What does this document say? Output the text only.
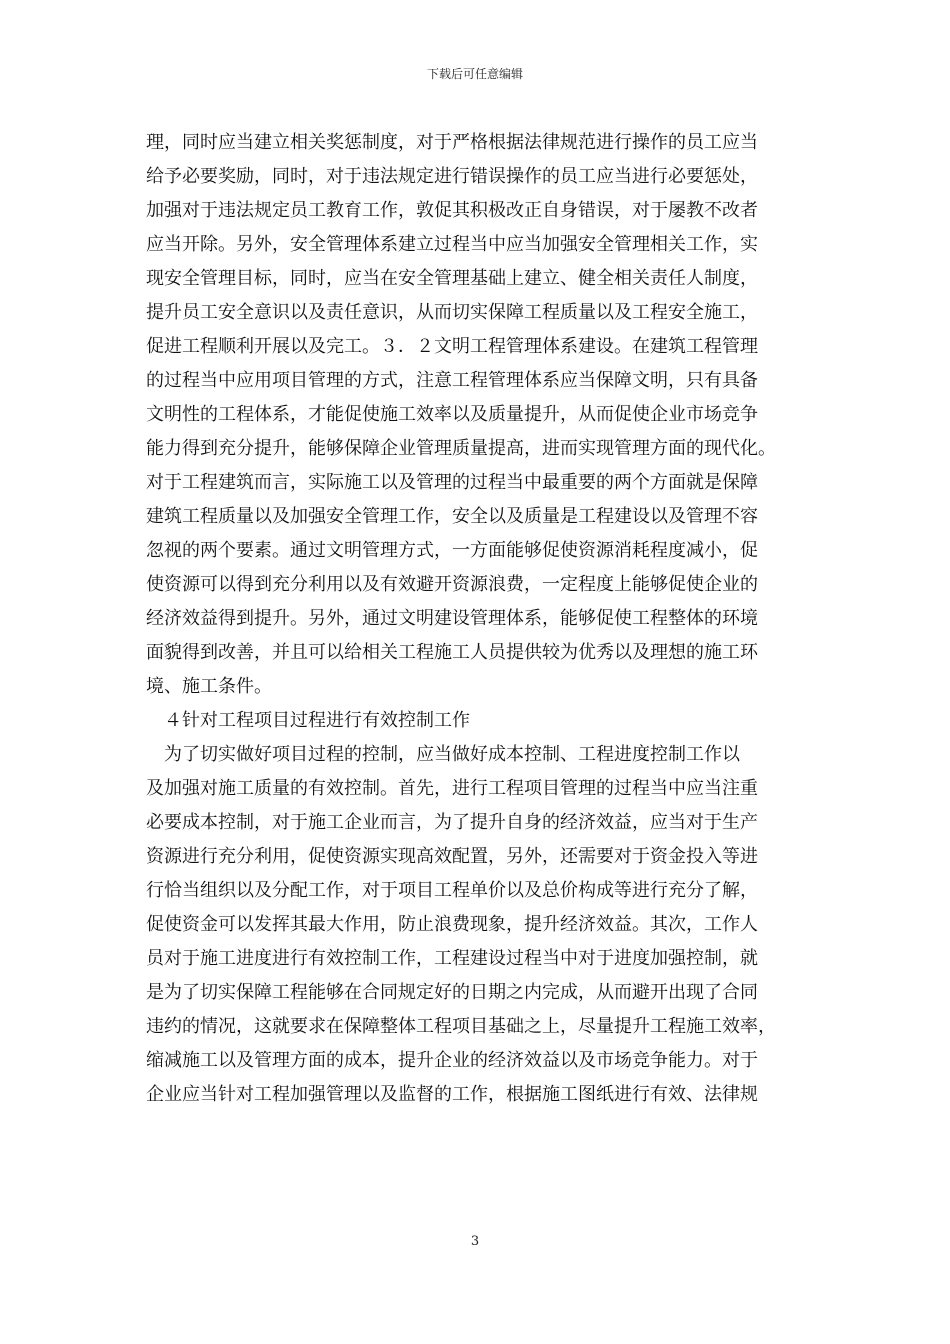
下载后可任意编辑
理，同时应当建立相关奖惩制度，对于严格根据法律规范进行操作的员工应当
给予必要奖励，同时，对于违法规定进行错误操作的员工应当进行必要惩处，
加强对于违法规定员工教育工作，敦促其积极改正自身错误，对于屡教不改者
应当开除。另外，安全管理体系建立过程当中应当加强安全管理相关工作，实
现安全管理目标，同时，应当在安全管理基础上建立、健全相关责任人制度，
提升员工安全意识以及责任意识，从而切实保障工程质量以及工程安全施工，
促进工程顺利开展以及完工。３．２文明工程管理体系建设。在建筑工程管理
的过程当中应用项目管理的方式，注意工程管理体系应当保障文明，只有具备
文明性的工程体系，才能促使施工效率以及质量提升，从而促使企业市场竞争
能力得到充分提升，能够保障企业管理质量提高，进而实现管理方面的现代化。
对于工程建筑而言，实际施工以及管理的过程当中最重要的两个方面就是保障
建筑工程质量以及加强安全管理工作，安全以及质量是工程建设以及管理不容
忽视的两个要素。通过文明管理方式，一方面能够促使资源消耗程度减小，促
使资源可以得到充分利用以及有效避开资源浪费，一定程度上能够促使企业的
经济效益得到提升。另外，通过文明建设管理体系，能够促使工程整体的环境
面貌得到改善，并且可以给相关工程施工人员提供较为优秀以及理想的施工环
境、施工条件。
　４针对工程项目过程进行有效控制工作
　为了切实做好项目过程的控制，应当做好成本控制、工程进度控制工作以
及加强对施工质量的有效控制。首先，进行工程项目管理的过程当中应当注重
必要成本控制，对于施工企业而言，为了提升自身的经济效益，应当对于生产
资源进行充分利用，促使资源实现高效配置，另外，还需要对于资金投入等进
行恰当组织以及分配工作，对于项目工程单价以及总价构成等进行充分了解，
促使资金可以发挥其最大作用，防止浪费现象，提升经济效益。其次，工作人
员对于施工进度进行有效控制工作，工程建设过程当中对于进度加强控制，就
是为了切实保障工程能够在合同规定好的日期之内完成，从而避开出现了合同
违约的情况，这就要求在保障整体工程项目基础之上，尽量提升工程施工效率，
缩减施工以及管理方面的成本，提升企业的经济效益以及市场竞争能力。对于
企业应当针对工程加强管理以及监督的工作，根据施工图纸进行有效、法律规
3
